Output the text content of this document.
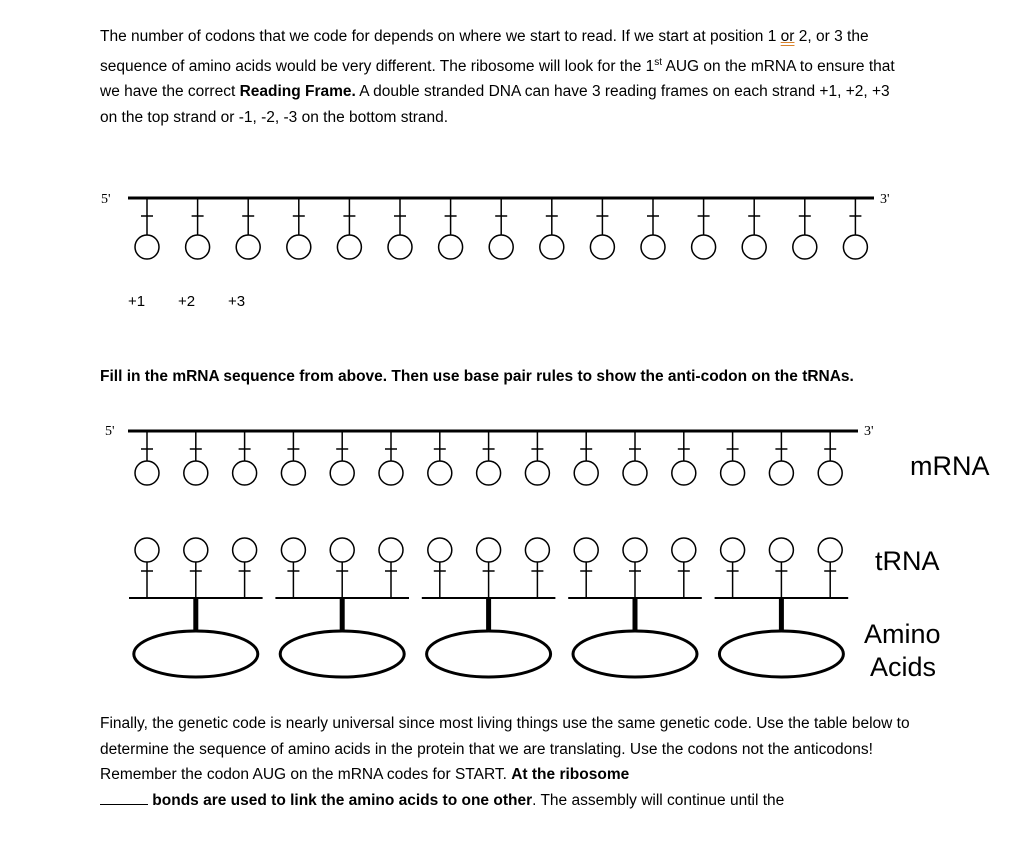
The number of codons that we code for depends on where we start to read. If we start at position 1 or 2, or 3 the sequence of amino acids would be very different. The ribosome will look for the 1st AUG on the mRNA to ensure that we have the correct Reading Frame. A double stranded DNA can have 3 reading frames on each strand +1, +2, +3 on the top strand or -1, -2, -3 on the bottom strand.
Fill in the mRNA sequence from above. Then use base pair rules to show the anti-codon on the tRNAs.
Finally, the genetic code is nearly universal since most living things use the same genetic code. Use the table below to determine the sequence of amino acids in the protein that we are translating. Use the codons not the anticodons! Remember the codon AUG on the mRNA codes for START. At the ribosome
bonds are used to link the amino acids to one other. The assembly will continue until the
5'	3'
+1 +2 +3
5'	3'
mRNA
tRNA
Amino
Acids
